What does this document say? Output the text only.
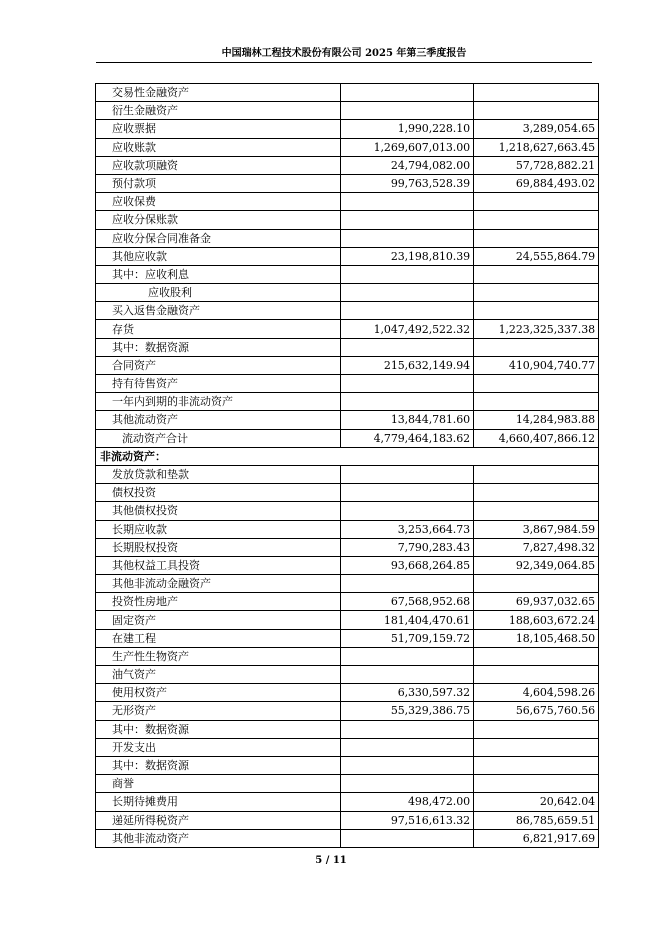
中国瑞林工程技术股份有限公司 2025 年第三季度报告
交易性金融资产		
衍生金融资产		
应收票据	1,990,228.10	3,289,054.65
应收账款	1,269,607,013.00	1,218,627,663.45
应收款项融资	24,794,082.00	57,728,882.21
预付款项	99,763,528.39	69,884,493.02
应收保费		
应收分保账款		
应收分保合同准备金		
其他应收款	23,198,810.39	24,555,864.79
其中：应收利息		
应收股利		
买入返售金融资产		
存货	1,047,492,522.32	1,223,325,337.38
其中：数据资源		
合同资产	215,632,149.94	410,904,740.77
持有待售资产		
一年内到期的非流动资产		
其他流动资产	13,844,781.60	14,284,983.88
流动资产合计	4,779,464,183.62	4,660,407,866.12
非流动资产：		
发放贷款和垫款		
债权投资		
其他债权投资		
长期应收款	3,253,664.73	3,867,984.59
长期股权投资	7,790,283.43	7,827,498.32
其他权益工具投资	93,668,264.85	92,349,064.85
其他非流动金融资产		
投资性房地产	67,568,952.68	69,937,032.65
固定资产	181,404,470.61	188,603,672.24
在建工程	51,709,159.72	18,105,468.50
生产性生物资产		
油气资产		
使用权资产	6,330,597.32	4,604,598.26
无形资产	55,329,386.75	56,675,760.56
其中：数据资源		
开发支出		
其中：数据资源		
商誉		
长期待摊费用	498,472.00	20,642.04
递延所得税资产	97,516,613.32	86,785,659.51
其他非流动资产		6,821,917.69
5 / 11
